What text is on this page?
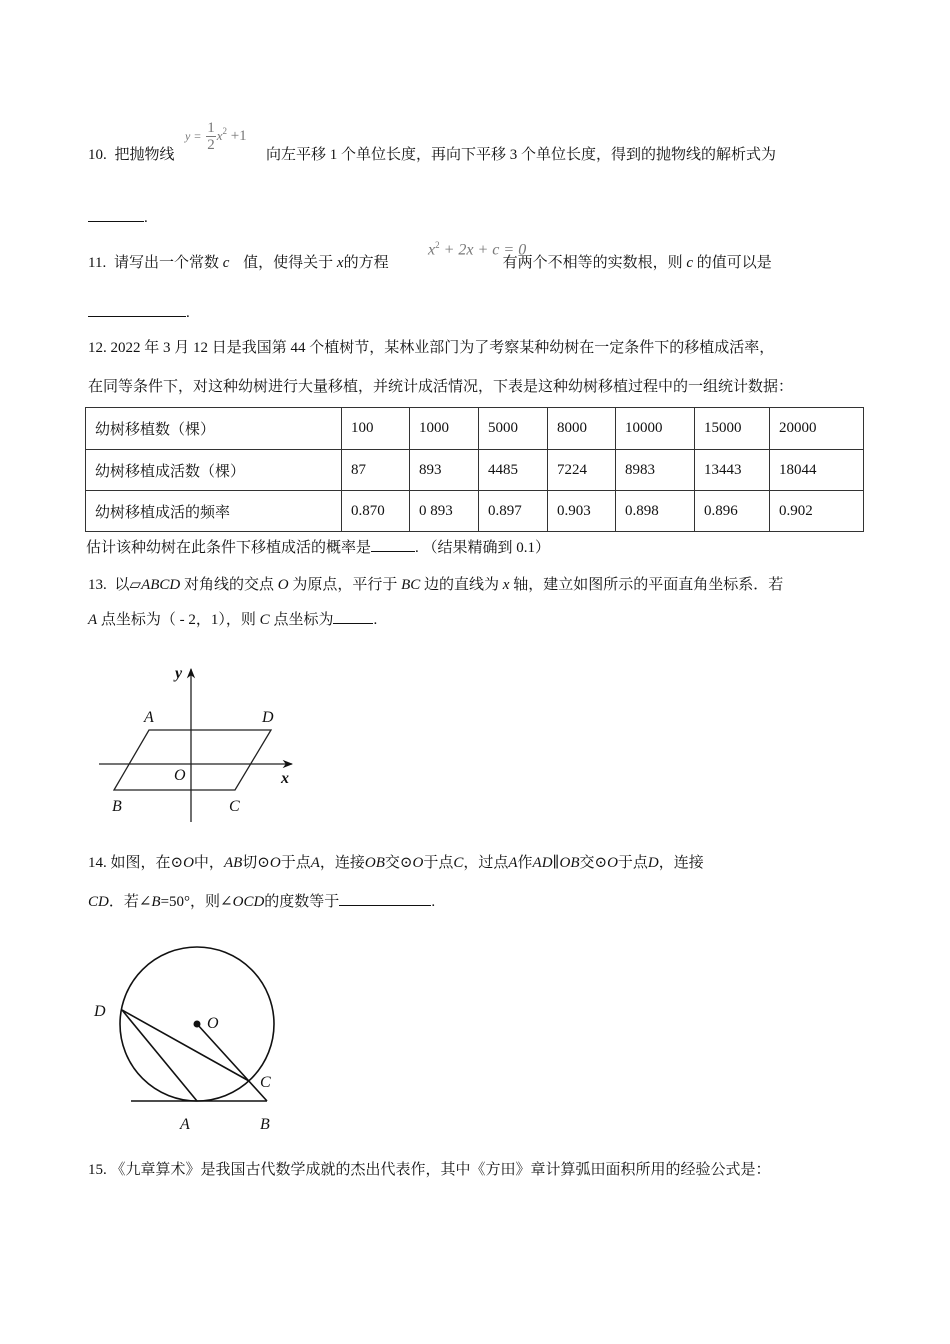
10. 把抛物线	向左平移 1 个单位长度，再向下平移 3 个单位长度，得到的抛物线的解析式为
$y = \frac{1}{2} x^2 +1$
.
11. 请写出一个常数 c 值，使得关于 x的方程	有两个不相等的实数根，则 c 的值可以是
$x^2 + 2x + c = 0$
.
12. 2022 年 3 月 12 日是我国第 44 个植树节，某林业部门为了考察某种幼树在一定条件下的移植成活率，
在同等条件下，对这种幼树进行大量移植，并统计成活情况，下表是这种幼树移植过程中的一组统计数据：
幼树移植数（棵）	100	1000	5000	8000	10000	15000	20000
幼树移植成活数（棵）	87	893	4485	7224	8983	13443	18044
幼树移植成活的频率	0.870	0 893	0.897	0.903	0.898	0.896	0.902
估计该种幼树在此条件下移植成活的概率是	. （结果精确到 0.1）
13. 以▱ABCD 对角线的交点 O 为原点，平行于 BC 边的直线为 x 轴，建立如图所示的平面直角坐标系．若
A 点坐标为（ - 2，1），则 C 点坐标为	.
y
A	D
O	x
B	C
D
O
C
A	B
14. 如图，在⊙O中，AB切⊙O于点A，连接OB交⊙O于点C，过点A作AD∥OB交⊙O于点D，连接
CD．若∠B=50°，则∠OCD的度数等于	.
15. 《九章算术》是我国古代数学成就的杰出代表作，其中《方田》章计算弧田面积所用的经验公式是：
